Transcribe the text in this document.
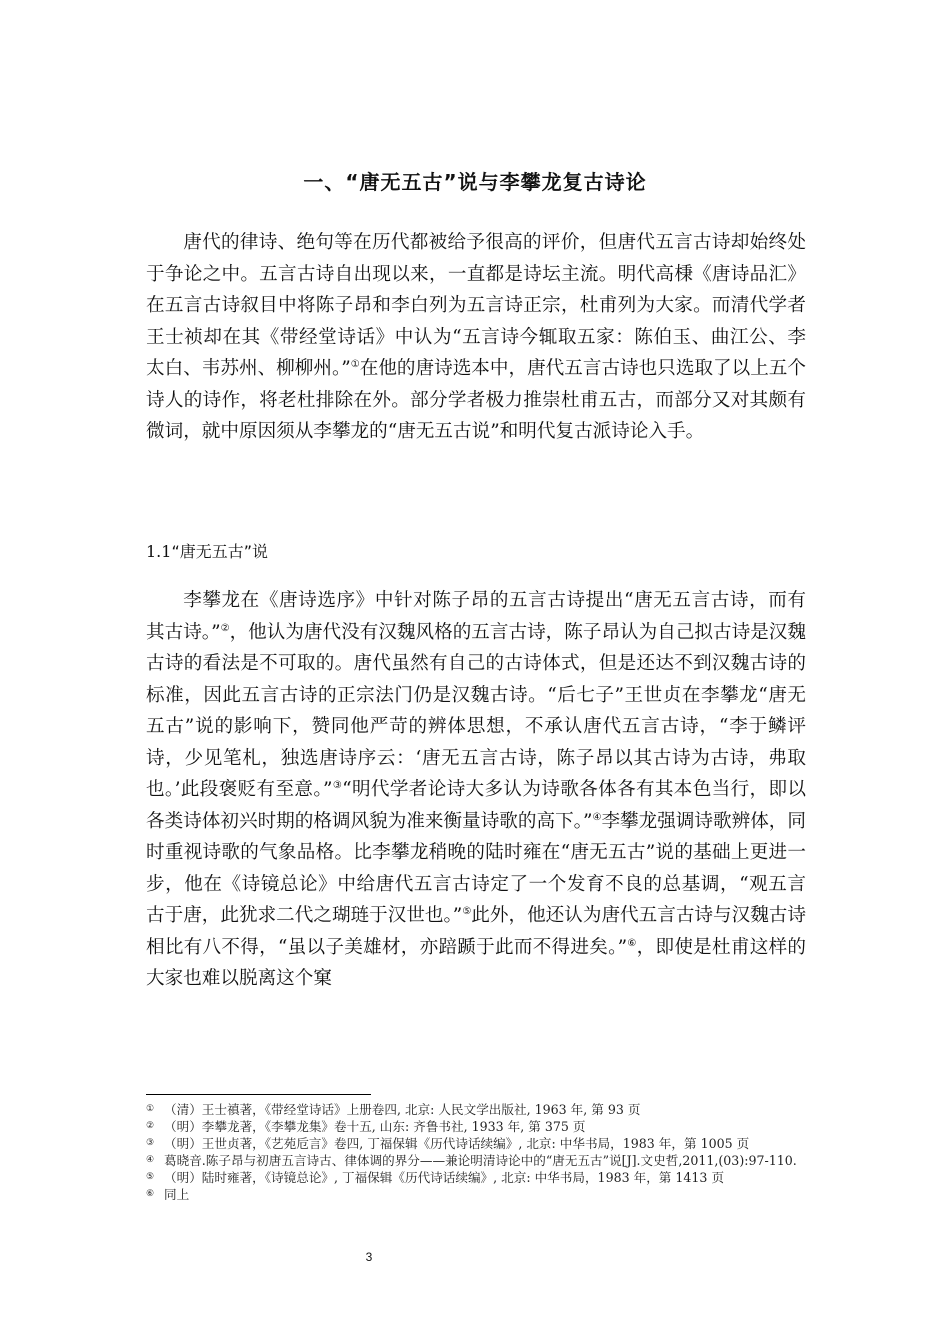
一、“唐无五古”说与李攀龙复古诗论

唐代的律诗、绝句等在历代都被给予很高的评价，但唐代五言古诗却始终处于争论之中。五言古诗自出现以来，一直都是诗坛主流。明代高棅《唐诗品汇》在五言古诗叙目中将陈子昂和李白列为五言诗正宗，杜甫列为大家。而清代学者王士祯却在其《带经堂诗话》中认为“五言诗今辄取五家：陈伯玉、曲江公、李太白、韦苏州、柳柳州。”①在他的唐诗选本中，唐代五言古诗也只选取了以上五个诗人的诗作，将老杜排除在外。部分学者极力推崇杜甫五古，而部分又对其颇有微词，就中原因须从李攀龙的“唐无五古说”和明代复古派诗论入手。

1.1“唐无五古”说

李攀龙在《唐诗选序》中针对陈子昂的五言古诗提出“唐无五言古诗，而有其古诗。”②，他认为唐代没有汉魏风格的五言古诗，陈子昂认为自己拟古诗是汉魏古诗的看法是不可取的。唐代虽然有自己的古诗体式，但是还达不到汉魏古诗的标准，因此五言古诗的正宗法门仍是汉魏古诗。“后七子”王世贞在李攀龙“唐无五古”说的影响下，赞同他严苛的辨体思想，不承认唐代五言古诗，“李于鳞评诗，少见笔札，独选唐诗序云：‘唐无五言古诗，陈子昂以其古诗为古诗，弗取也。’此段褒贬有至意。”③“明代学者论诗大多认为诗歌各体各有其本色当行，即以各类诗体初兴时期的格调风貌为准来衡量诗歌的高下。”④李攀龙强调诗歌辨体，同时重视诗歌的气象品格。比李攀龙稍晚的陆时雍在“唐无五古”说的基础上更进一步，他在《诗镜总论》中给唐代五言古诗定了一个发育不良的总基调，“观五言古于唐，此犹求二代之瑚琏于汉世也。”⑤此外，他还认为唐代五言古诗与汉魏古诗相比有八不得，“虽以子美雄材，亦踣踬于此而不得进矣。”⑥，即使是杜甫这样的大家也难以脱离这个窠

① （清）王士禛著，《带经堂诗话》上册卷四, 北京: 人民文学出版社, 1963 年, 第 93 页
② （明）李攀龙著，《李攀龙集》卷十五, 山东: 齐鲁书社, 1933 年, 第 375 页
③ （明）王世贞著，《艺苑卮言》卷四, 丁福保辑《历代诗话续编》, 北京: 中华书局，1983 年，第 1005 页
④ 葛晓音.陈子昂与初唐五言诗古、律体调的界分——兼论明清诗论中的“唐无五古”说[J].文史哲,2011,(03):97-110.
⑤ （明）陆时雍著，《诗镜总论》, 丁福保辑《历代诗话续编》, 北京: 中华书局，1983 年，第 1413 页
⑥ 同上

3
